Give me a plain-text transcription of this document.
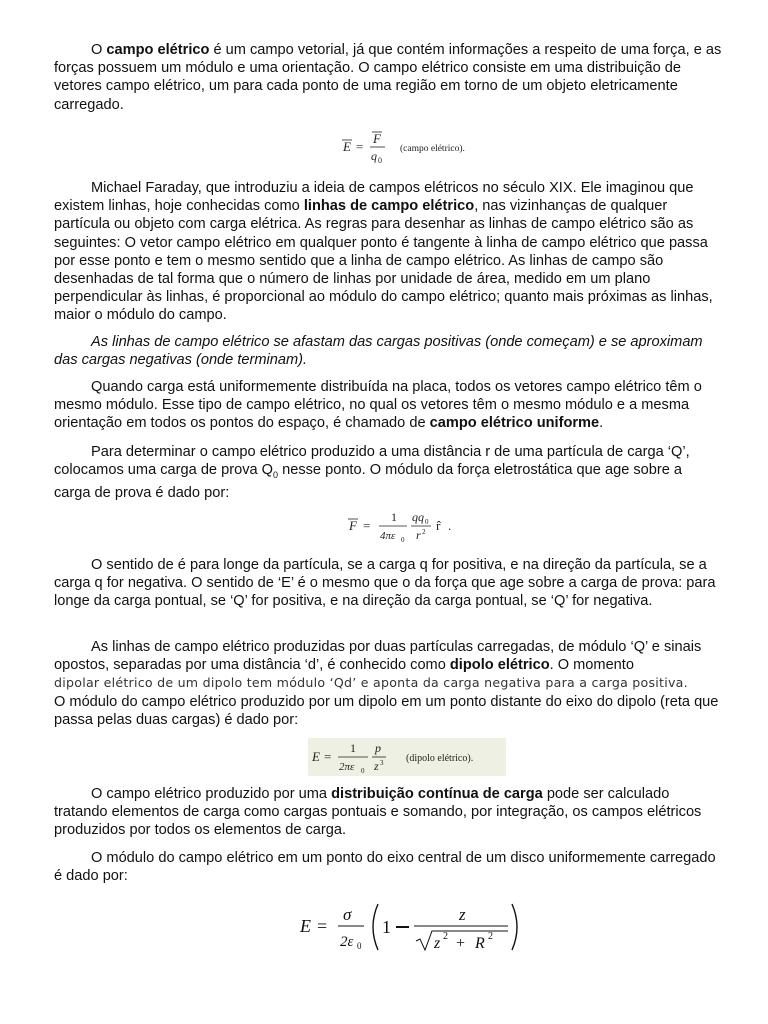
O campo elétrico é um campo vetorial, já que contém informações a respeito de uma força, e as forças possuem um módulo e uma orientação. O campo elétrico consiste em uma distribuição de vetores campo elétrico, um para cada ponto de uma região em torno de um objeto eletricamente carregado.

E =
F
q 0
(campo elétrico).

Michael Faraday, que introduziu a ideia de campos elétricos no século XIX. Ele imaginou que existem linhas, hoje conhecidas como linhas de campo elétrico, nas vizinhanças de qualquer partícula ou objeto com carga elétrica. As regras para desenhar as linhas de campo elétrico são as seguintes: O vetor campo elétrico em qualquer ponto é tangente à linha de campo elétrico que passa por esse ponto e tem o mesmo sentido que a linha de campo elétrico. As linhas de campo são desenhadas de tal forma que o número de linhas por unidade de área, medido em um plano perpendicular às linhas, é proporcional ao módulo do campo elétrico; quanto mais próximas as linhas, maior o módulo do campo.

As linhas de campo elétrico se afastam das cargas positivas (onde começam) e se aproximam das cargas negativas (onde terminam).

Quando carga está uniformemente distribuída na placa, todos os vetores campo elétrico têm o mesmo módulo. Esse tipo de campo elétrico, no qual os vetores têm o mesmo módulo e a mesma orientação em todos os pontos do espaço, é chamado de campo elétrico uniforme.

Para determinar o campo elétrico produzido a uma distância r de uma partícula de carga ‘Q’, colocamos uma carga de prova $Q_0$ nesse ponto. O módulo da força eletrostática que age sobre a carga de prova é dado por:

F =
1
4πε 0
qq 0
r 2 r̂ .

O sentido de é para longe da partícula, se a carga q for positiva, e na direção da partícula, se a carga q for negativa. O sentido de ‘E’ é o mesmo que o da força que age sobre a carga de prova: para longe da carga pontual, se ‘Q’ for positiva, e na direção da carga pontual, se ‘Q’ for negativa.

As linhas de campo elétrico produzidas por duas partículas carregadas, de módulo ‘Q’ e sinais opostos, separadas por uma distância ‘d’, é conhecido como dipolo elétrico. O momento
dipolar elétrico de um dipolo tem módulo ‘Qd’ e aponta da carga negativa para a carga positiva.
O módulo do campo elétrico produzido por um dipolo em um ponto distante do eixo do dipolo (reta que passa pelas duas cargas) é dado por:

E =
1
2πε 0
p
z 3 (dipolo elétrico).

O campo elétrico produzido por uma distribuição contínua de carga pode ser calculado tratando elementos de carga como cargas pontuais e somando, por integração, os campos elétricos produzidos por todos os elementos de carga.

O módulo do campo elétrico em um ponto do eixo central de um disco uniformemente carregado é dado por:

E =
σ
2ε 0
1
z
z 2 + R 2
